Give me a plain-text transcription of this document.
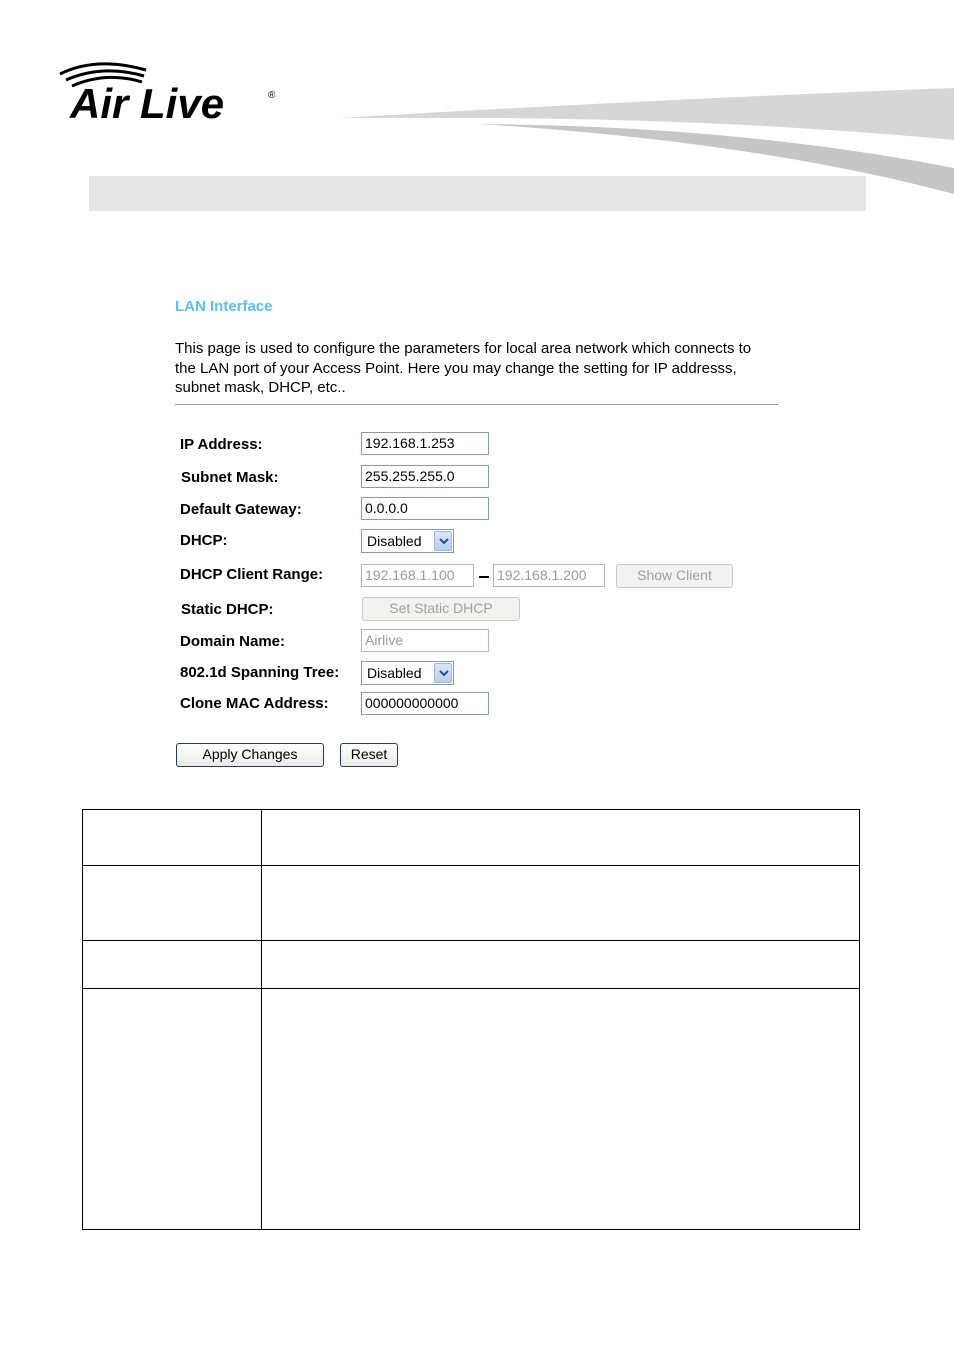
Air Live	®
LAN Interface
This page is used to configure the parameters for local area network which connects to
the LAN port of your Access Point. Here you may change the setting for IP addresss,
subnet mask, DHCP, etc..
IP Address:	192.168.1.253
Subnet Mask:	255.255.255.0
Default Gateway:	0.0.0.0
DHCP:	Disabled
DHCP Client Range:	192.168.1.100	192.168.1.200	Show Client
Static DHCP:	Set Static DHCP
Domain Name:	Airlive
802.1d Spanning Tree:	Disabled
Clone MAC Address:	000000000000
Apply Changes	Reset
